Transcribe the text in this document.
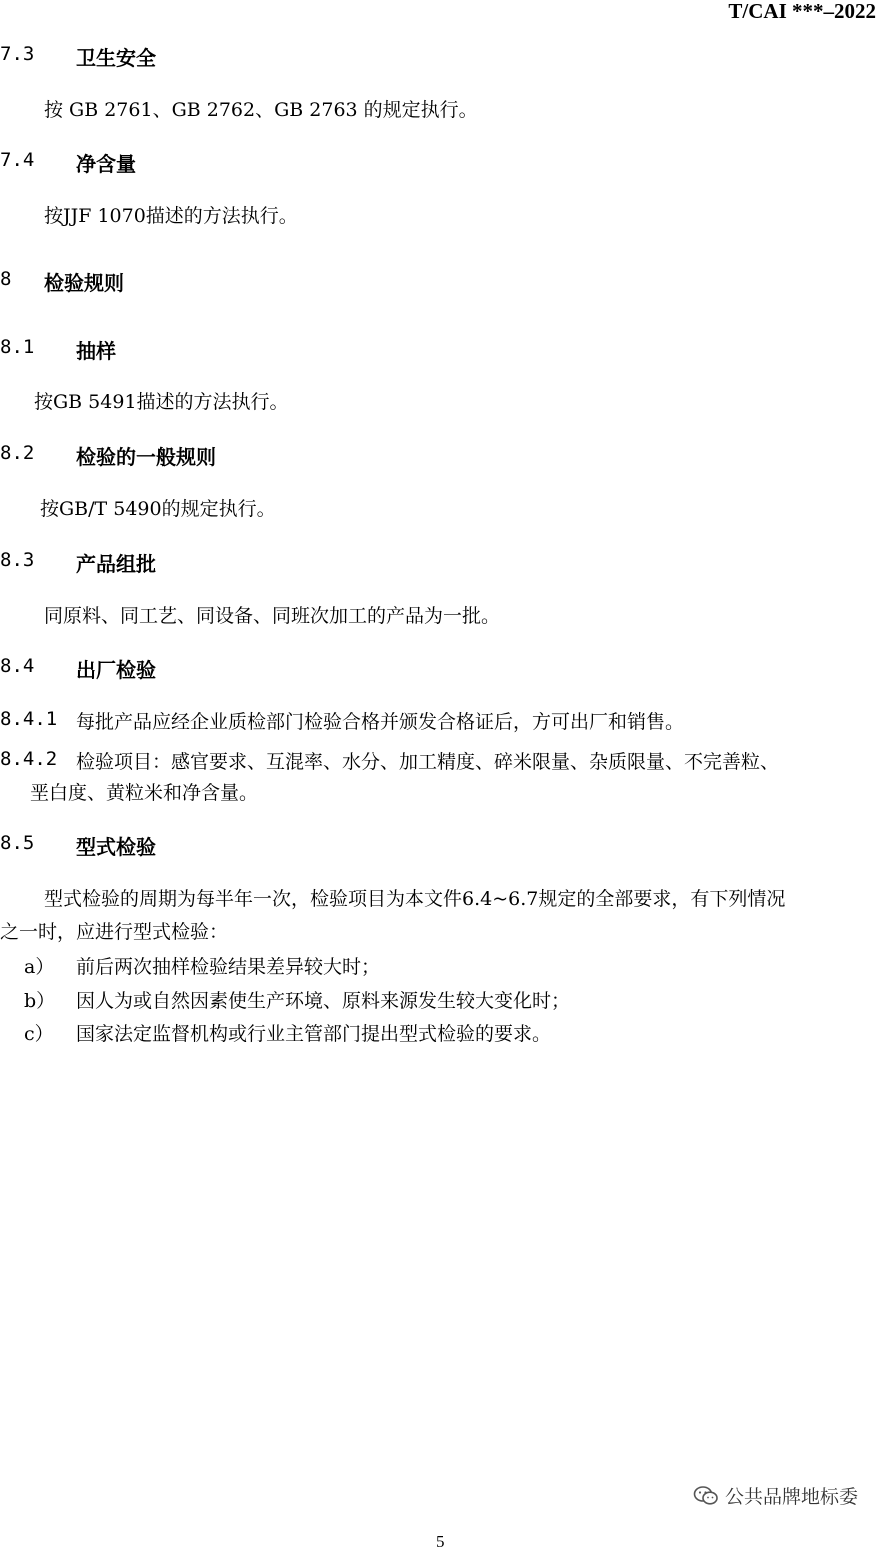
T/CAI ***–2022
7.3 卫生安全
按 GB 2761、GB 2762、GB 2763 的规定执行。
7.4 净含量
按JJF 1070描述的方法执行。
8 检验规则
8.1 抽样
按GB 5491描述的方法执行。
8.2 检验的一般规则
按GB/T 5490的规定执行。
8.3 产品组批
同原料、同工艺、同设备、同班次加工的产品为一批。
8.4 出厂检验
8.4.1 每批产品应经企业质检部门检验合格并颁发合格证后，方可出厂和销售。
8.4.2 检验项目：感官要求、互混率、水分、加工精度、碎米限量、杂质限量、不完善粒、
垩白度、黄粒米和净含量。
8.5 型式检验
型式检验的周期为每半年一次，检验项目为本文件6.4~6.7规定的全部要求，有下列情况
之一时，应进行型式检验：
a） 前后两次抽样检验结果差异较大时；
b） 因人为或自然因素使生产环境、原料来源发生较大变化时；
c） 国家法定监督机构或行业主管部门提出型式检验的要求。
公共品牌地标委
5
